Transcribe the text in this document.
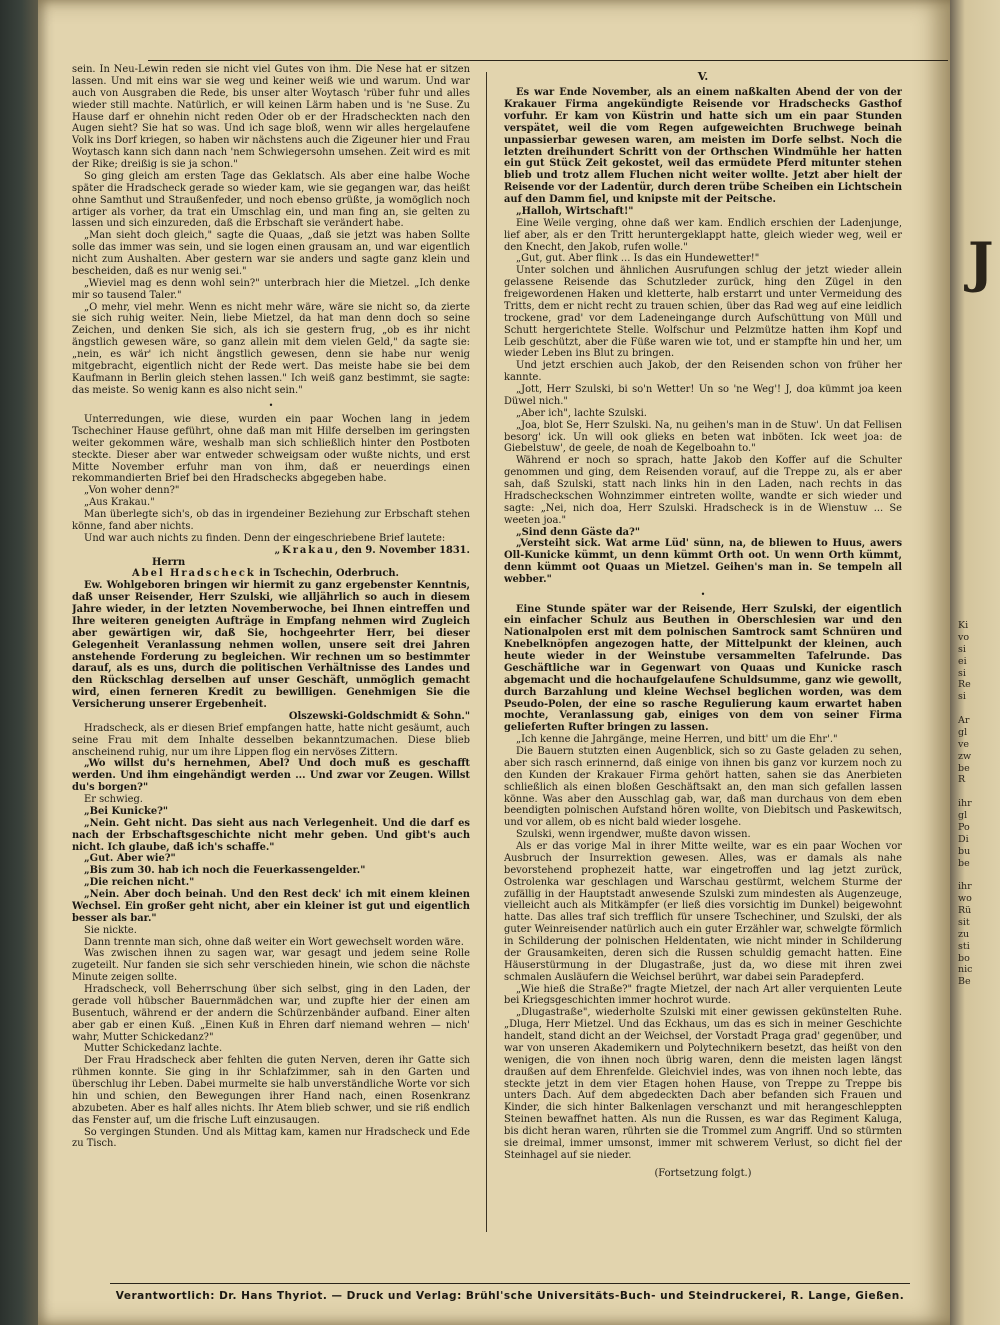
sein. In Neu-Lewin reden sie nicht viel Gutes von ihm. Die Nese hat er sitzen lassen. Und mit eins war sie weg und keiner weiß wie und warum. Und war auch von Ausgraben die Rede, bis unser alter Woytasch 'rüber fuhr und alles wieder still machte. Natürlich, er will keinen Lärm haben und is 'ne Suse. Zu Hause darf er ohnehin nicht reden Oder ob er der Hradscheckten nach den Augen sieht? Sie hat so was. Und ich sage bloß, wenn wir alles hergelaufene Volk ins Dorf kriegen, so haben wir nächstens auch die Zigeuner hier und Frau Woytasch kann sich dann nach 'nem Schwiegersohn umsehen. Zeit wird es mit der Rike; dreißig is sie ja schon."

So ging gleich am ersten Tage das Geklatsch. Als aber eine halbe Woche später die Hradscheck gerade so wieder kam, wie sie gegangen war, das heißt ohne Samthut und Straußenfeder, und noch ebenso grüßte, ja womöglich noch artiger als vorher, da trat ein Umschlag ein, und man fing an, sie gelten zu lassen und sich einzureden, daß die Erbschaft sie verändert habe.

„Man sieht doch gleich," sagte die Quaas, „daß sie jetzt was haben Sollte solle das immer was sein, und sie logen einen grausam an, und war eigentlich nicht zum Aushalten. Aber gestern war sie anders und sagte ganz klein und bescheiden, daß es nur wenig sei."

„Wieviel mag es denn wohl sein?" unterbrach hier die Mietzel. „Ich denke mir so tausend Taler."

„O mehr, viel mehr. Wenn es nicht mehr wäre, wäre sie nicht so, da zierte sie sich ruhig weiter. Nein, liebe Mietzel, da hat man denn doch so seine Zeichen, und denken Sie sich, als ich sie gestern frug, „ob es ihr nicht ängstlich gewesen wäre, so ganz allein mit dem vielen Geld," da sagte sie: „nein, es wär' ich nicht ängstlich gewesen, denn sie habe nur wenig mitgebracht, eigentlich nicht der Rede wert. Das meiste habe sie bei dem Kaufmann in Berlin gleich stehen lassen." Ich weiß ganz bestimmt, sie sagte: das meiste. So wenig kann es also nicht sein."

•

Unterredungen, wie diese, wurden ein paar Wochen lang in jedem Tschechiner Hause geführt, ohne daß man mit Hilfe derselben im geringsten weiter gekommen wäre, weshalb man sich schließlich hinter den Postboten steckte. Dieser aber war entweder schweigsam oder wußte nichts, und erst Mitte November erfuhr man von ihm, daß er neuerdings einen rekommandierten Brief bei den Hradschecks abgegeben habe.

„Von woher denn?"

„Aus Krakau."

Man überlegte sich's, ob das in irgendeiner Beziehung zur Erbschaft stehen könne, fand aber nichts.

Und war auch nichts zu finden. Denn der eingeschriebene Brief lautete:

„Krakau, den 9. November 1831.

Herrn

Abel Hradscheck in Tschechin, Oderbruch.

Ew. Wohlgeboren bringen wir hiermit zu ganz ergebenster Kenntnis, daß unser Reisender, Herr Szulski, wie alljährlich so auch in diesem Jahre wieder, in der letzten Novemberwoche, bei Ihnen eintreffen und Ihre weiteren geneigten Aufträge in Empfang nehmen wird Zugleich aber gewärtigen wir, daß Sie, hochgeehrter Herr, bei dieser Gelegenheit Veranlassung nehmen wollen, unsere seit drei Jahren anstehende Forderung zu begleichen. Wir rechnen um so bestimmter darauf, als es uns, durch die politischen Verhältnisse des Landes und den Rückschlag derselben auf unser Geschäft, unmöglich gemacht wird, einen ferneren Kredit zu bewilligen. Genehmigen Sie die Versicherung unserer Ergebenheit.

Olszewski-Goldschmidt & Sohn."

Hradscheck, als er diesen Brief empfangen hatte, hatte nicht gesäumt, auch seine Frau mit dem Inhalte desselben bekanntzumachen. Diese blieb anscheinend ruhig, nur um ihre Lippen flog ein nervöses Zittern.

„Wo willst du's hernehmen, Abel? Und doch muß es geschafft werden. Und ihm eingehändigt werden ... Und zwar vor Zeugen. Willst du's borgen?"

Er schwieg.

„Bei Kunicke?"

„Nein. Geht nicht. Das sieht aus nach Verlegenheit. Und die darf es nach der Erbschaftsgeschichte nicht mehr geben. Und gibt's auch nicht. Ich glaube, daß ich's schaffe."

„Gut. Aber wie?"

„Bis zum 30. hab ich noch die Feuerkassengelder."

„Die reichen nicht."

„Nein. Aber doch beinah. Und den Rest deck' ich mit einem kleinen Wechsel. Ein großer geht nicht, aber ein kleiner ist gut und eigentlich besser als bar."

Sie nickte.

Dann trennte man sich, ohne daß weiter ein Wort gewechselt worden wäre.

Was zwischen ihnen zu sagen war, war gesagt und jedem seine Rolle zugeteilt. Nur fanden sie sich sehr verschieden hinein, wie schon die nächste Minute zeigen sollte.

Hradscheck, voll Beherrschung über sich selbst, ging in den Laden, der gerade voll hübscher Bauernmädchen war, und zupfte hier der einen am Busentuch, während er der andern die Schürzenbänder aufband. Einer alten aber gab er einen Kuß. „Einen Kuß in Ehren darf niemand wehren — nich' wahr, Mutter Schickedanz?"

Mutter Schickedanz lachte.

Der Frau Hradscheck aber fehlten die guten Nerven, deren ihr Gatte sich rühmen konnte. Sie ging in ihr Schlafzimmer, sah in den Garten und überschlug ihr Leben. Dabei murmelte sie halb unverständliche Worte vor sich hin und schien, den Bewegungen ihrer Hand nach, einen Rosenkranz abzubeten. Aber es half alles nichts. Ihr Atem blieb schwer, und sie riß endlich das Fenster auf, um die frische Luft einzusaugen.

So vergingen Stunden. Und als Mittag kam, kamen nur Hradscheck und Ede zu Tisch.

V.

Es war Ende November, als an einem naßkalten Abend der von der Krakauer Firma angekündigte Reisende vor Hradschecks Gasthof vorfuhr. Er kam von Küstrin und hatte sich um ein paar Stunden verspätet, weil die vom Regen aufgeweichten Bruchwege beinah unpassierbar gewesen waren, am meisten im Dorfe selbst. Noch die letzten dreihundert Schritt von der Orthschen Windmühle her hatten ein gut Stück Zeit gekostet, weil das ermüdete Pferd mitunter stehen blieb und trotz allem Fluchen nicht weiter wollte. Jetzt aber hielt der Reisende vor der Ladentür, durch deren trübe Scheiben ein Lichtschein auf den Damm fiel, und knipste mit der Peitsche.

„Halloh, Wirtschaft!"

Eine Weile verging, ohne daß wer kam. Endlich erschien der Ladenjunge, lief aber, als er den Tritt heruntergeklappt hatte, gleich wieder weg, weil er den Knecht, den Jakob, rufen wolle."

„Gut, gut. Aber flink ... Is das ein Hundewetter!"

Unter solchen und ähnlichen Ausrufungen schlug der jetzt wieder allein gelassene Reisende das Schutzleder zurück, hing den Zügel in den freigewordenen Haken und kletterte, halb erstarrt und unter Vermeidung des Tritts, dem er nicht recht zu trauen schien, über das Rad weg auf eine leidlich trockene, grad' vor dem Ladeneingange durch Aufschüttung von Müll und Schutt hergerichtete Stelle. Wolfschur und Pelzmütze hatten ihm Kopf und Leib geschützt, aber die Füße waren wie tot, und er stampfte hin und her, um wieder Leben ins Blut zu bringen.

Und jetzt erschien auch Jakob, der den Reisenden schon von früher her kannte.

„Jott, Herr Szulski, bi so'n Wetter! Un so 'ne Weg'! J, doa kümmt joa keen Düwel nich."

„Aber ich", lachte Szulski.

„Joa, blot Se, Herr Szulski. Na, nu geihen's man in de Stuw'. Un dat Fellisen besorg' ick. Un will ook glieks en beten wat inböten. Ick weet joa: de Giebelstuw', de geele, de noah de Kegelboahn to."

Während er noch so sprach, hatte Jakob den Koffer auf die Schulter genommen und ging, dem Reisenden vorauf, auf die Treppe zu, als er aber sah, daß Szulski, statt nach links hin in den Laden, nach rechts in das Hradscheckschen Wohnzimmer eintreten wollte, wandte er sich wieder und sagte: „Nei, nich doa, Herr Szulski. Hradscheck is in de Wienstuw ... Se weeten joa."

„Sind denn Gäste da?"

„Versteiht sick. Wat arme Lüd' sünn, na, de bliewen to Huus, awers Oll-Kunicke kümmt, un denn kümmt Orth oot. Un wenn Orth kümmt, denn kümmt oot Quaas un Mietzel. Geihen's man in. Se tempeln all webber."

•

Eine Stunde später war der Reisende, Herr Szulski, der eigentlich ein einfacher Schulz aus Beuthen in Oberschlesien war und den Nationalpolen erst mit dem polnischen Samtrock samt Schnüren und Knebelknöpfen angezogen hatte, der Mittelpunkt der kleinen, auch heute wieder in der Weinstube versammelten Tafelrunde. Das Geschäftliche war in Gegenwart von Quaas und Kunicke rasch abgemacht und die hochaufgelaufene Schuldsumme, ganz wie gewollt, durch Barzahlung und kleine Wechsel beglichen worden, was dem Pseudo-Polen, der eine so rasche Regulierung kaum erwartet haben mochte, Veranlassung gab, einiges von dem von seiner Firma gelieferten Rufter bringen zu lassen.

„Ich kenne die Jahrgänge, meine Herren, und bitt' um die Ehr'."

Die Bauern stutzten einen Augenblick, sich so zu Gaste geladen zu sehen, aber sich rasch erinnernd, daß einige von ihnen bis ganz vor kurzem noch zu den Kunden der Krakauer Firma gehört hatten, sahen sie das Anerbieten schließlich als einen bloßen Geschäftsakt an, den man sich gefallen lassen könne. Was aber den Ausschlag gab, war, daß man durchaus von dem eben beendigten polnischen Aufstand hören wollte, von Diebitsch und Paskewitsch, und vor allem, ob es nicht bald wieder losgehe.

Szulski, wenn irgendwer, mußte davon wissen.

Als er das vorige Mal in ihrer Mitte weilte, war es ein paar Wochen vor Ausbruch der Insurrektion gewesen. Alles, was er damals als nahe bevorstehend prophezeit hatte, war eingetroffen und lag jetzt zurück, Ostrolenka war geschlagen und Warschau gestürmt, welchem Sturme der zufällig in der Hauptstadt anwesende Szulski zum mindesten als Augenzeuge, vielleicht auch als Mitkämpfer (er ließ dies vorsichtig im Dunkel) beigewohnt hatte. Das alles traf sich trefflich für unsere Tschechiner, und Szulski, der als guter Weinreisender natürlich auch ein guter Erzähler war, schwelgte förmlich in Schilderung der polnischen Heldentaten, wie nicht minder in Schilderung der Grausamkeiten, deren sich die Russen schuldig gemacht hatten. Eine Häuserstürmung in der Dlugastraße, just da, wo diese mit ihren zwei schmalen Ausläufern die Weichsel berührt, war dabei sein Paradepferd.

„Wie hieß die Straße?" fragte Mietzel, der nach Art aller verquienten Leute bei Kriegsgeschichten immer hochrot wurde.

„Dlugastraße", wiederholte Szulski mit einer gewissen gekünstelten Ruhe. „Dluga, Herr Mietzel. Und das Eckhaus, um das es sich in meiner Geschichte handelt, stand dicht an der Weichsel, der Vorstadt Praga grad' gegenüber, und war von unseren Akademikern und Polytechnikern besetzt, das heißt von den wenigen, die von ihnen noch übrig waren, denn die meisten lagen längst draußen auf dem Ehrenfelde. Gleichviel indes, was von ihnen noch lebte, das steckte jetzt in dem vier Etagen hohen Hause, von Treppe zu Treppe bis unters Dach. Auf dem abgedeckten Dach aber befanden sich Frauen und Kinder, die sich hinter Balkenlagen verschanzt und mit herangeschleppten Steinen bewaffnet hatten. Als nun die Russen, es war das Regiment Kaluga, bis dicht heran waren, rührten sie die Trommel zum Angriff. Und so stürmten sie dreimal, immer umsonst, immer mit schwerem Verlust, so dicht fiel der Steinhagel auf sie nieder.

(Fortsetzung folgt.)

Verantwortlich: Dr. Hans Thyriot. — Druck und Verlag: Brühl'sche Universitäts-Buch- und Steindruckerei, R. Lange, Gießen.
J
Ki
vo
si
ei
si
Re
si

Ar
gl
ve
zw
be
R

ihr
gl
Po
Di
bu
be

ihr
wo
Rü
sit
zu
sti
bo
nic
Be
